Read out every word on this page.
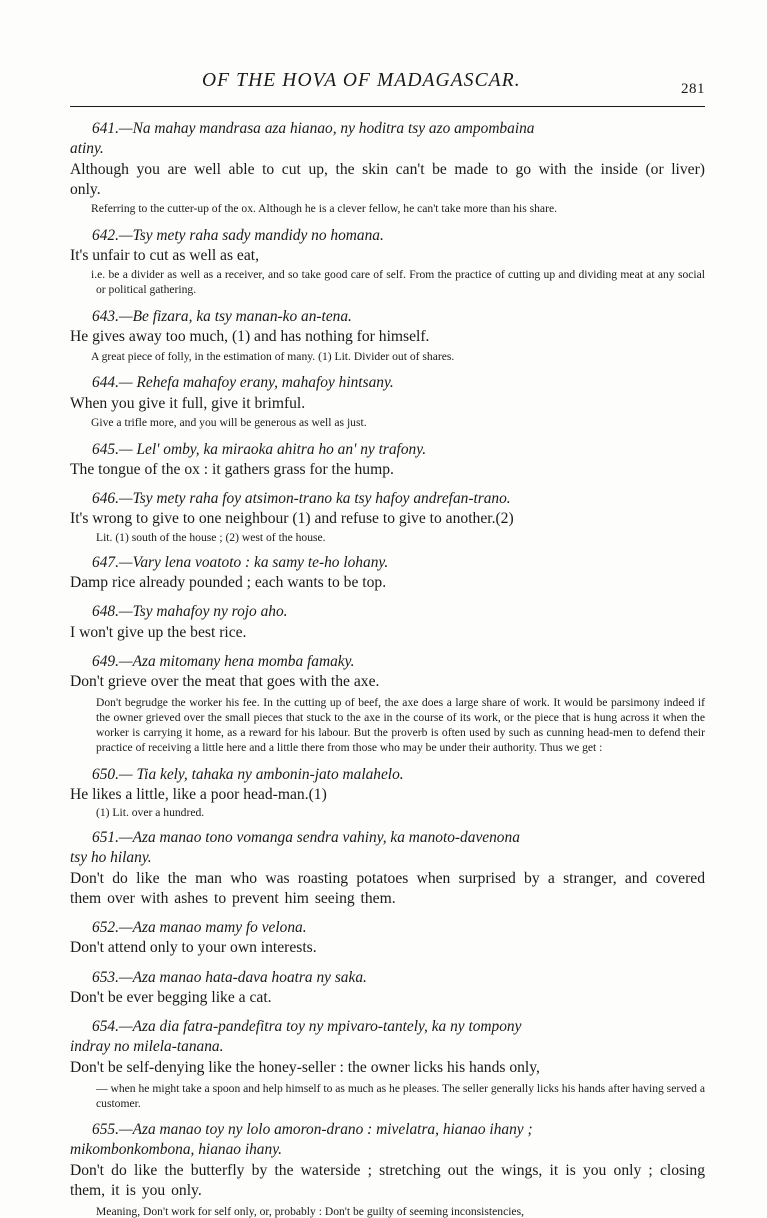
OF THE HOVA OF MADAGASCAR.	281

641.—Na mahay mandrasa aza hianao, ny hoditra tsy azo ampombaina

atiny.

Although you are well able to cut up, the skin can't be made to go with the inside (or liver) only.

Referring to the cutter-up of the ox. Although he is a clever fellow, he can't take more than his share.

642.—Tsy mety raha sady mandidy no homana.

It's unfair to cut as well as eat,

i.e. be a divider as well as a receiver, and so take good care of self. From the practice of cutting up and dividing meat at any social or political gathering.

643.—Be fizara, ka tsy manan-ko an-tena.

He gives away too much, (1) and has nothing for himself.

A great piece of folly, in the estimation of many. (1) Lit. Divider out of shares.

644.— Rehefa mahafoy erany, mahafoy hintsany.

When you give it full, give it brimful.

Give a trifle more, and you will be generous as well as just.

645.— Lel' omby, ka miraoka ahitra ho an' ny trafony.

The tongue of the ox : it gathers grass for the hump.

646.—Tsy mety raha foy atsimon-trano ka tsy hafoy andrefan-trano.

It's wrong to give to one neighbour (1) and refuse to give to another.(2)

Lit. (1) south of the house ; (2) west of the house.

647.—Vary lena voatoto : ka samy te-ho lohany.

Damp rice already pounded ; each wants to be top.

648.—Tsy mahafoy ny rojo aho.

I won't give up the best rice.

649.—Aza mitomany hena momba famaky.

Don't grieve over the meat that goes with the axe.

Don't begrudge the worker his fee. In the cutting up of beef, the axe does a large share of work. It would be parsimony indeed if the owner grieved over the small pieces that stuck to the axe in the course of its work, or the piece that is hung across it when the worker is carrying it home, as a reward for his labour. But the proverb is often used by such as cunning head-men to defend their practice of receiving a little here and a little there from those who may be under their authority. Thus we get :

650.— Tia kely, tahaka ny ambonin-jato malahelo.

He likes a little, like a poor head-man.(1)

(1) Lit. over a hundred.

651.—Aza manao tono vomanga sendra vahiny, ka manoto-davenona

tsy ho hilany.

Don't do like the man who was roasting potatoes when surprised by a stranger, and covered them over with ashes to prevent him seeing them.

652.—Aza manao mamy fo velona.

Don't attend only to your own interests.

653.—Aza manao hata-dava hoatra ny saka.

Don't be ever begging like a cat.

654.—Aza dia fatra-pandefitra toy ny mpivaro-tantely, ka ny tompony

indray no milela-tanana.

Don't be self-denying like the honey-seller : the owner licks his hands only,

— when he might take a spoon and help himself to as much as he pleases. The seller generally licks his hands after having served a customer.

655.—Aza manao toy ny lolo amoron-drano : mivelatra, hianao ihany ;

mikombonkombona, hianao ihany.

Don't do like the butterfly by the waterside ; stretching out the wings, it is you only ; closing them, it is you only.

Meaning, Don't work for self only, or, probably : Don't be guilty of seeming inconsistencies,
